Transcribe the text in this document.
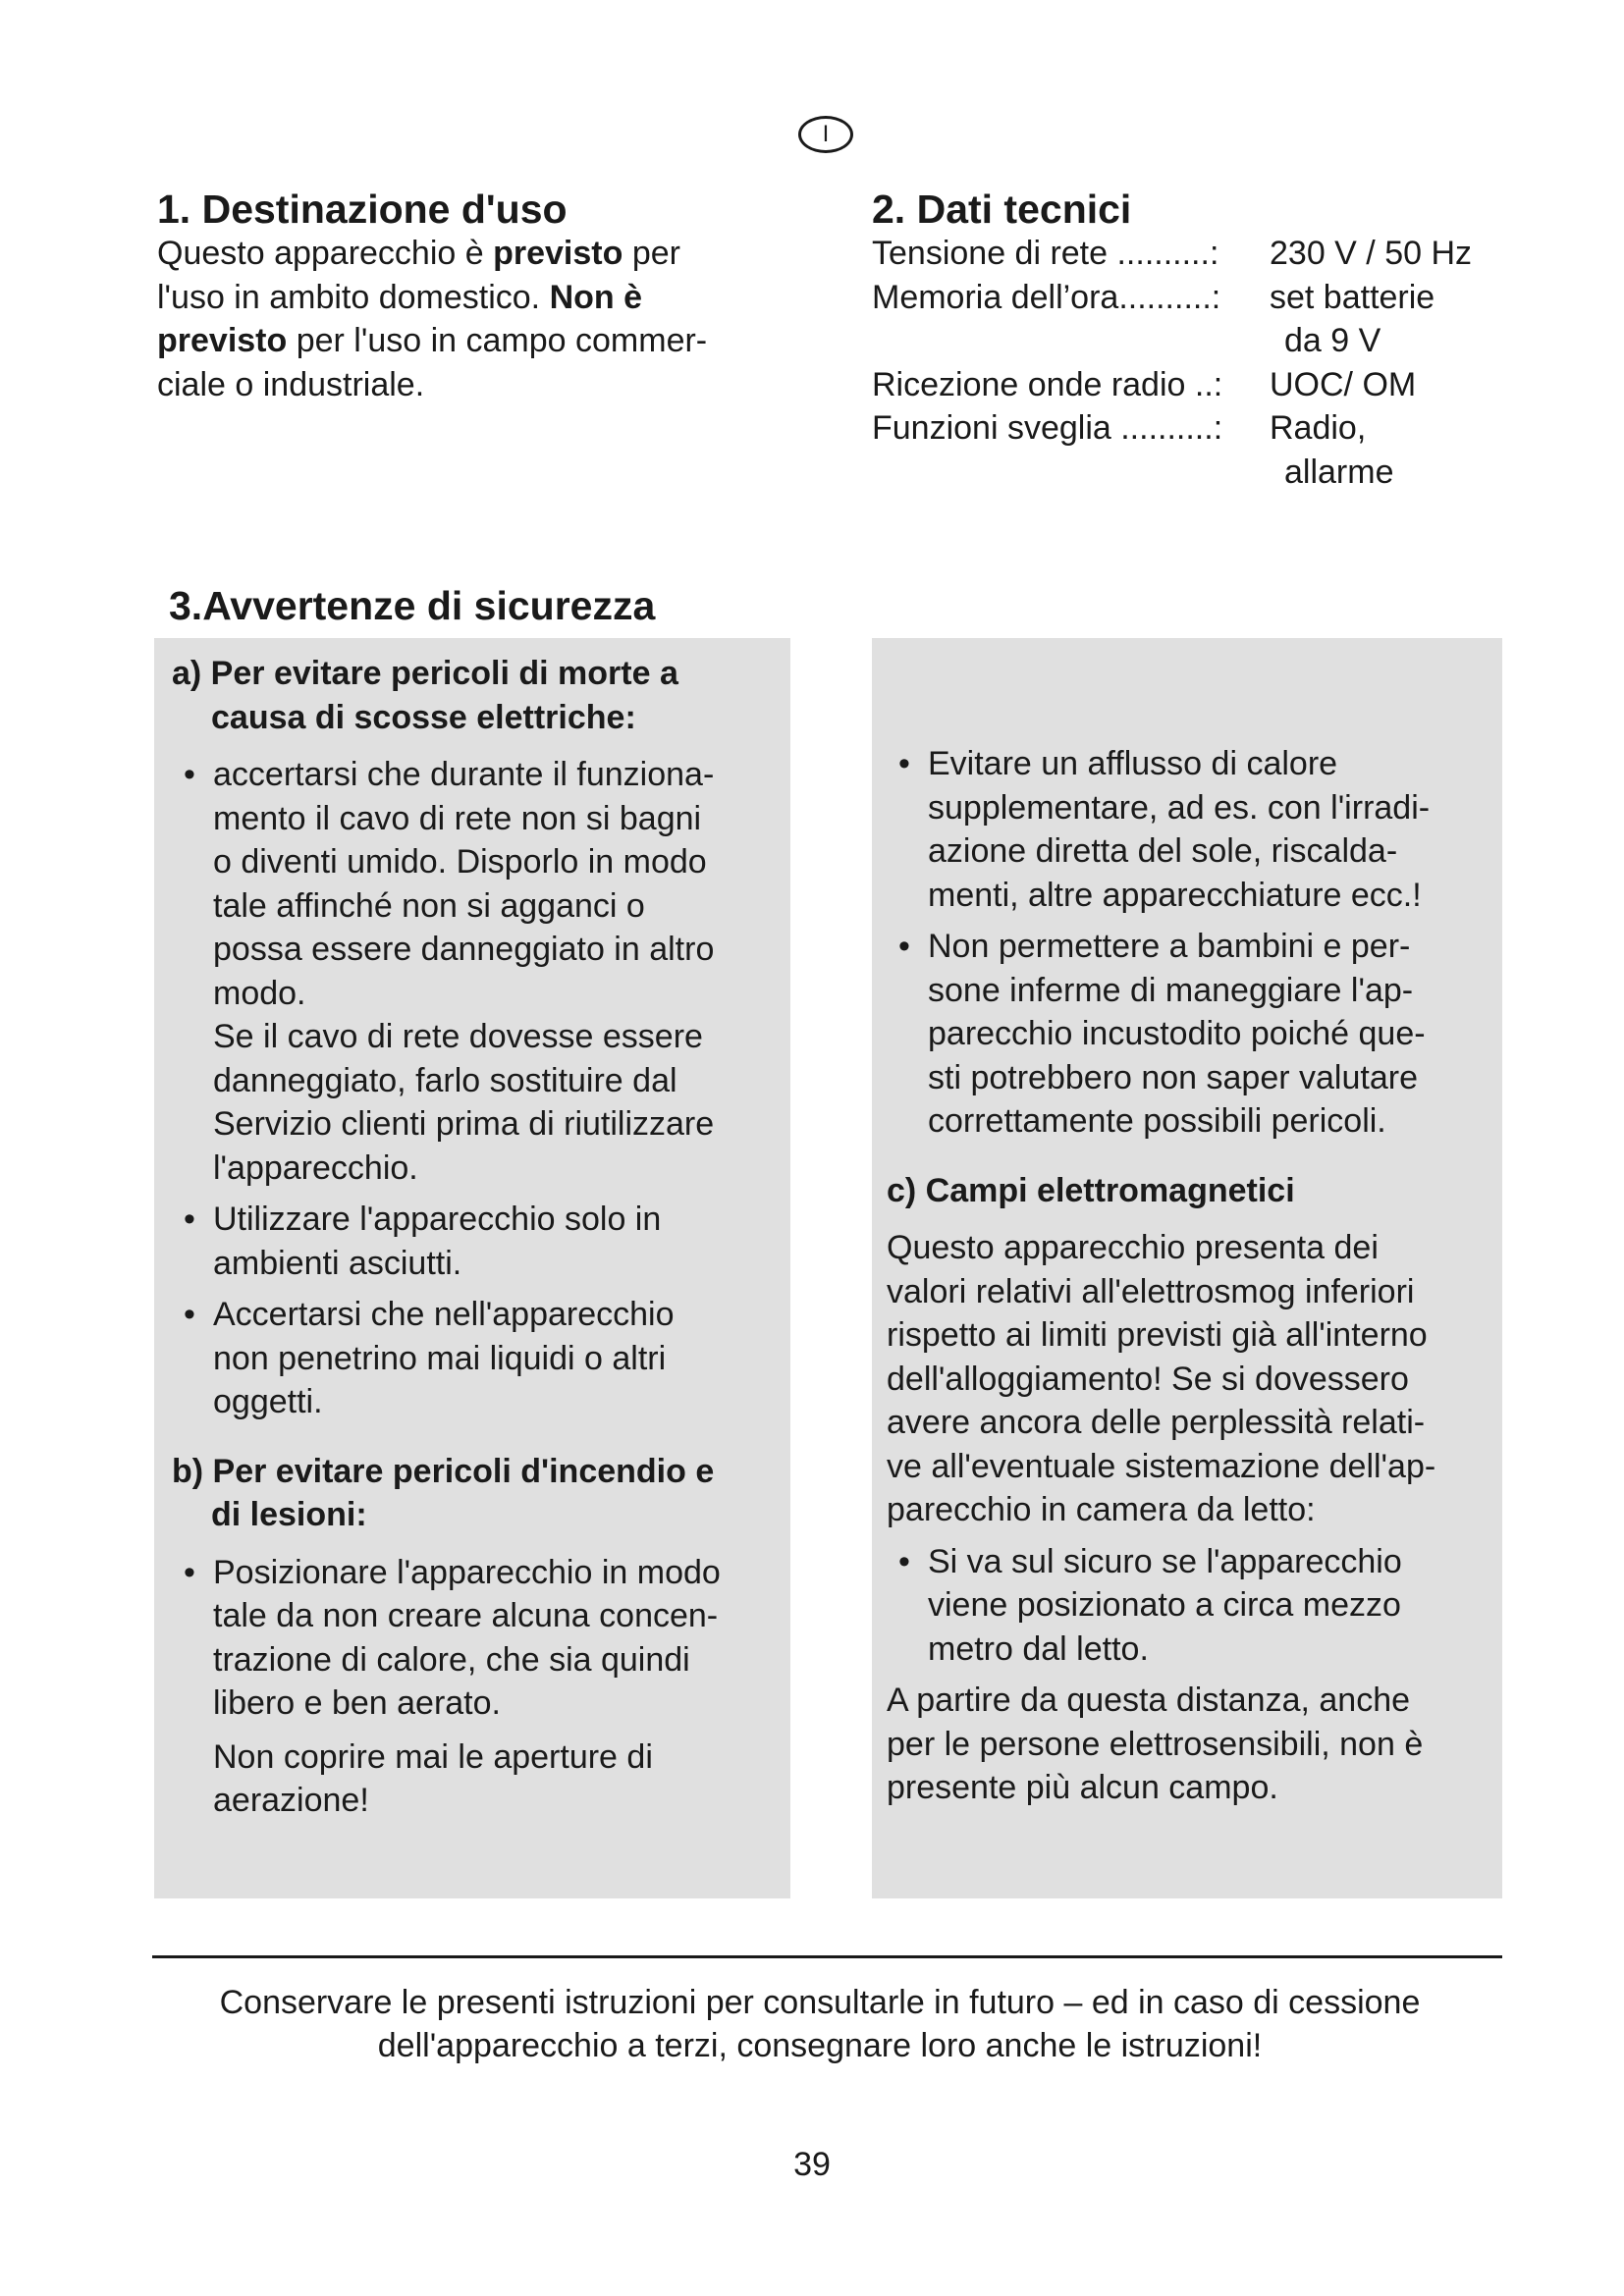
I
1. Destinazione d'uso
Questo apparecchio è previsto per
l'uso in ambito domestico. Non è
previsto per l'uso in campo commer-
ciale o industriale.
2. Dati tecnici
Tensione di rete ..........: 230 V / 50 Hz
Memoria dell’ora..........: set batterie
da 9 V
Ricezione onde radio ..: UOC/ OM
Funzioni sveglia ..........: Radio,
allarme
3.Avvertenze di sicurezza
a) Per evitare pericoli di morte a
causa di scosse elettriche:
• accertarsi che durante il funziona-
mento il cavo di rete non si bagni
o diventi umido. Disporlo in modo
tale affinché non si agganci o
possa essere danneggiato in altro
modo.
Se il cavo di rete dovesse essere
danneggiato, farlo sostituire dal
Servizio clienti prima di riutilizzare
l'apparecchio.
• Utilizzare l'apparecchio solo in
ambienti asciutti.
• Accertarsi che nell'apparecchio
non penetrino mai liquidi o altri
oggetti.
b) Per evitare pericoli d'incendio e
di lesioni:
• Posizionare l'apparecchio in modo
tale da non creare alcuna concen-
trazione di calore, che sia quindi
libero e ben aerato.
Non coprire mai le aperture di
aerazione!
• Evitare un afflusso di calore
supplementare, ad es. con l'irradi-
azione diretta del sole, riscalda-
menti, altre apparecchiature ecc.!
• Non permettere a bambini e per-
sone inferme di maneggiare l'ap-
parecchio incustodito poiché que-
sti potrebbero non saper valutare
correttamente possibili pericoli.
c) Campi elettromagnetici
Questo apparecchio presenta dei
valori relativi all'elettrosmog inferiori
rispetto ai limiti previsti già all'interno
dell'alloggiamento! Se si dovessero
avere ancora delle perplessità relati-
ve all'eventuale sistemazione dell'ap-
parecchio in camera da letto:
• Si va sul sicuro se l'apparecchio
viene posizionato a circa mezzo
metro dal letto.
A partire da questa distanza, anche
per le persone elettrosensibili, non è
presente più alcun campo.
Conservare le presenti istruzioni per consultarle in futuro – ed in caso di cessione
dell'apparecchio a terzi, consegnare loro anche le istruzioni!
39
